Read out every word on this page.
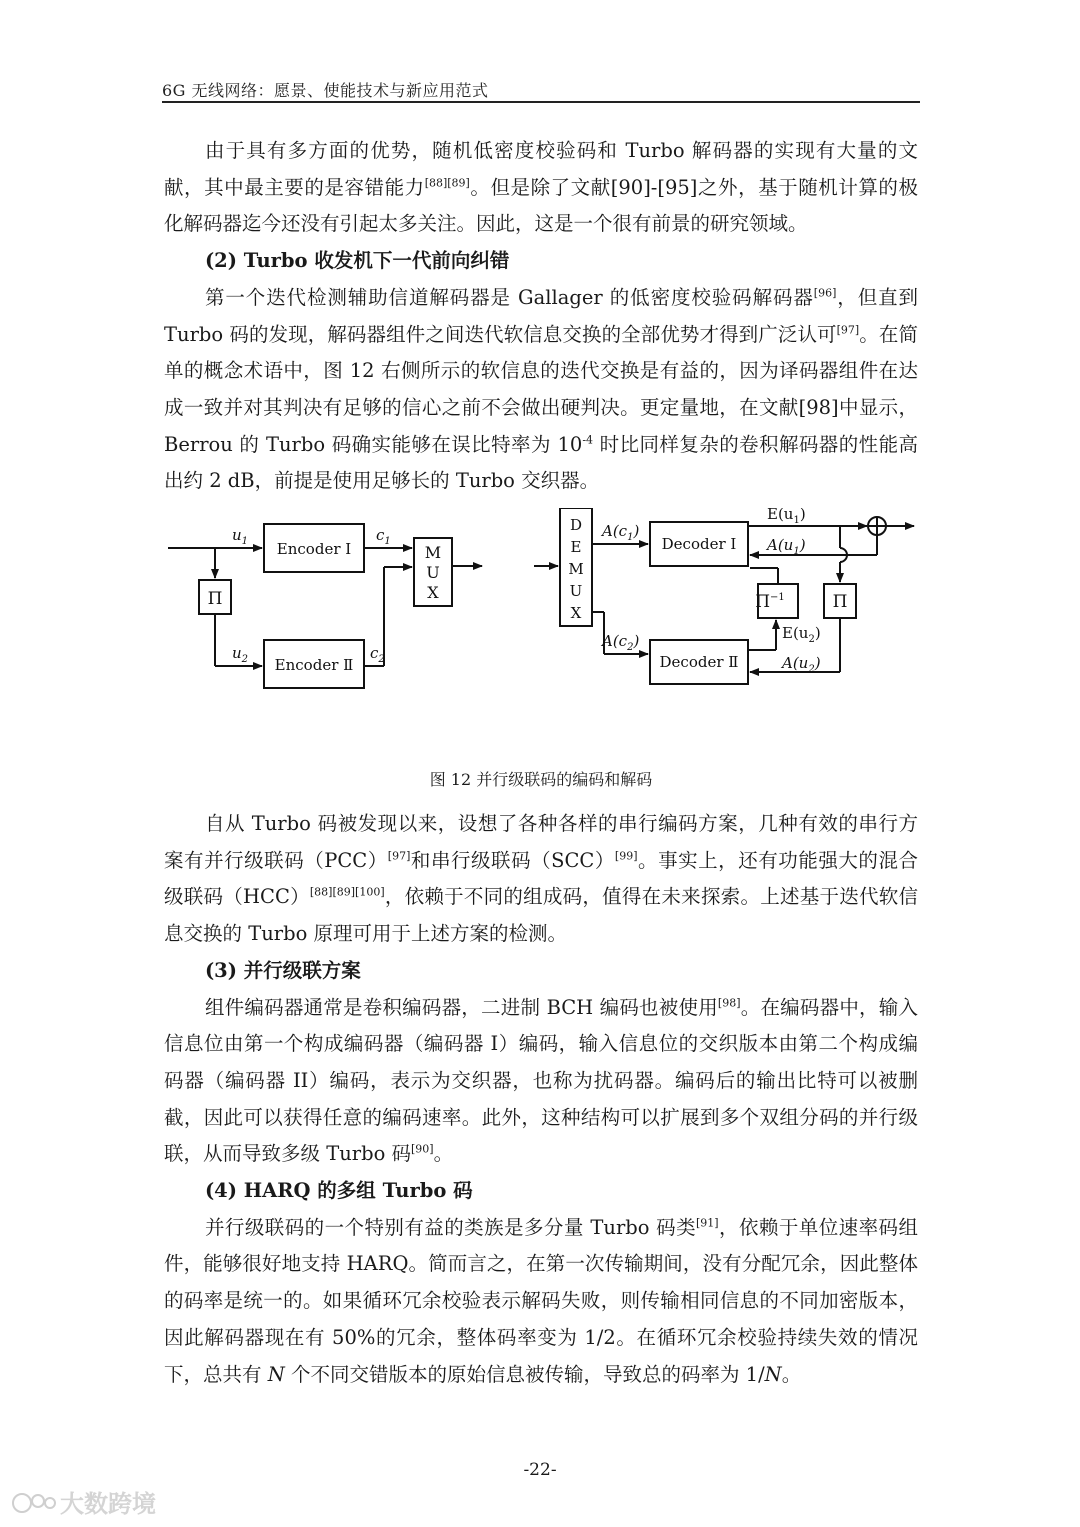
6G 无线网络：愿景、使能技术与新应用范式

由于具有多方面的优势，随机低密度校验码和 Turbo 解码器的实现有大量的文献，其中最主要的是容错能力[88][89]。但是除了文献[90]-[95]之外，基于随机计算的极化解码器迄今还没有引起太多关注。因此，这是一个很有前景的研究领域。

(2) Turbo 收发机下一代前向纠错

第一个迭代检测辅助信道解码器是 Gallager 的低密度校验码解码器[96]，但直到 Turbo 码的发现，解码器组件之间迭代软信息交换的全部优势才得到广泛认可[97]。在简单的概念术语中，图 12 右侧所示的软信息的迭代交换是有益的，因为译码器组件在达成一致并对其判决有足够的信心之前不会做出硬判决。更定量地，在文献[98]中显示，Berrou 的 Turbo 码确实能够在误比特率为 $10^{-4}$ 时比同样复杂的卷积解码器的性能高出约 2 dB，前提是使用足够长的 Turbo 交织器。

Encoder Ⅰ
Encoder Ⅱ
Π
M
U
X
$u_1$
$u_2$
$c_1$
$c_2$
D
E
M
U
X
Decoder Ⅰ
Decoder Ⅱ
Π
$\Pi^{-1}$
$A(c_1)$
$A(c_2)$
$E(u_1)$
$A(u_1)$
$E(u_2)$
$A(u_2)$

图 12 并行级联码的编码和解码

自从 Turbo 码被发现以来，设想了各种各样的串行编码方案，几种有效的串行方案有并行级联码（PCC）[97]和串行级联码（SCC）[99]。事实上，还有功能强大的混合级联码（HCC）[88][89][100]，依赖于不同的组成码，值得在未来探索。上述基于迭代软信息交换的 Turbo 原理可用于上述方案的检测。

(3) 并行级联方案

组件编码器通常是卷积编码器，二进制 BCH 编码也被使用[98]。在编码器中，输入信息位由第一个构成编码器（编码器 I）编码，输入信息位的交织版本由第二个构成编码器（编码器 II）编码，表示为交织器，也称为扰码器。编码后的输出比特可以被删截，因此可以获得任意的编码速率。此外，这种结构可以扩展到多个双组分码的并行级联，从而导致多级 Turbo 码[90]。

(4) HARQ 的多组 Turbo 码

并行级联码的一个特别有益的类族是多分量 Turbo 码类[91]，依赖于单位速率码组件，能够很好地支持 HARQ。简而言之，在第一次传输期间，没有分配冗余，因此整体的码率是统一的。如果循环冗余校验表示解码失败，则传输相同信息的不同加密版本，因此解码器现在有 50%的冗余，整体码率变为 1/2。在循环冗余校验持续失效的情况下，总共有 N 个不同交错版本的原始信息被传输，导致总的码率为 1/N。

-22-
大数跨境
